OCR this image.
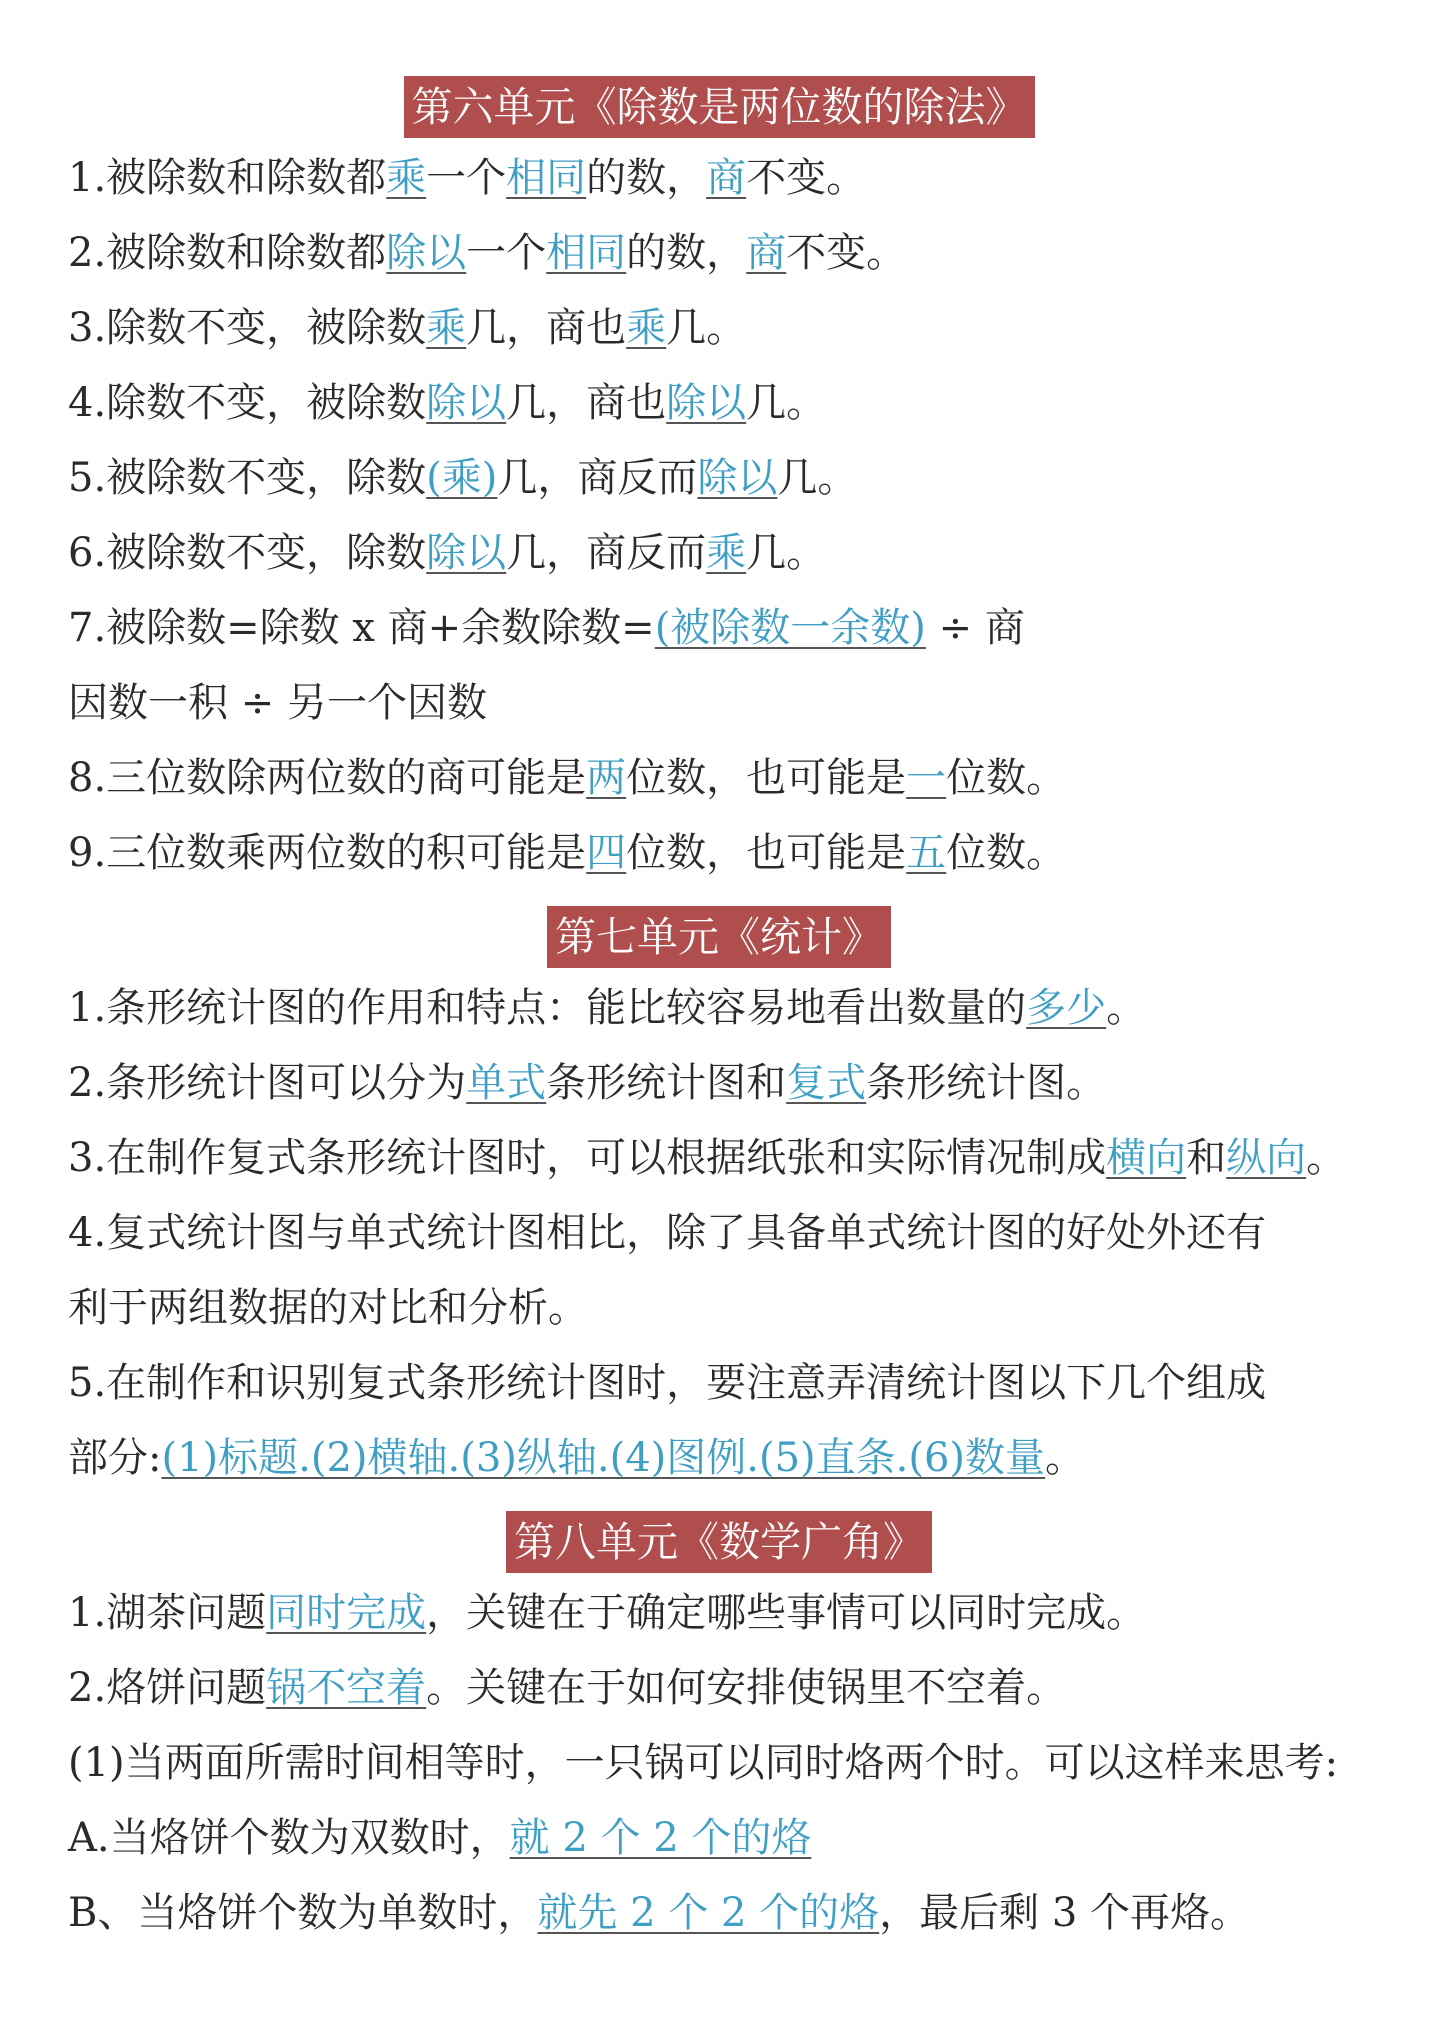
第六单元《除数是两位数的除法》
1.被除数和除数都乘一个相同的数，商不变。
2.被除数和除数都除以一个相同的数，商不变。
3.除数不变，被除数乘几，商也乘几。
4.除数不变，被除数除以几，商也除以几。
5.被除数不变，除数(乘)几，商反而除以几。
6.被除数不变，除数除以几，商反而乘几。
7.被除数=除数 x 商+余数除数=(被除数一余数) ÷ 商
因数一积 ÷ 另一个因数
8.三位数除两位数的商可能是两位数，也可能是一位数。
9.三位数乘两位数的积可能是四位数，也可能是五位数。
第七单元《统计》
1.条形统计图的作用和特点：能比较容易地看出数量的多少。
2.条形统计图可以分为单式条形统计图和复式条形统计图。
3.在制作复式条形统计图时，可以根据纸张和实际情况制成横向和纵向。
4.复式统计图与单式统计图相比，除了具备单式统计图的好处外还有
利于两组数据的对比和分析。
5.在制作和识别复式条形统计图时，要注意弄清统计图以下几个组成
部分:(1)标题.(2)横轴.(3)纵轴.(4)图例.(5)直条.(6)数量。
第八单元《数学广角》
1.湖茶问题同时完成，关键在于确定哪些事情可以同时完成。
2.烙饼问题锅不空着。关键在于如何安排使锅里不空着。
(1)当两面所需时间相等时，一只锅可以同时烙两个时。可以这样来思考:
A.当烙饼个数为双数时，就 2 个 2 个的烙
B、当烙饼个数为单数时，就先 2 个 2 个的烙，最后剩 3 个再烙。
